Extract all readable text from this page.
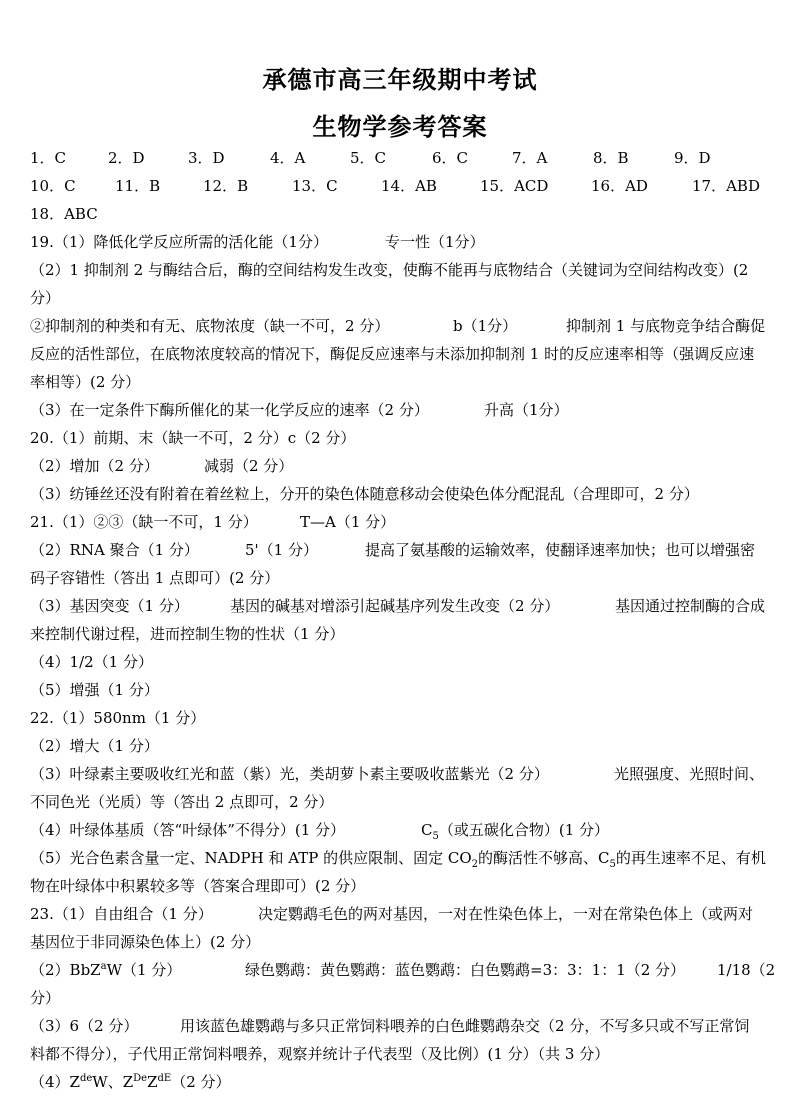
承德市高三年级期中考试
生物学参考答案
1．C	2．D	3．D	4．A	5．C	6．C	7．A	8．B	9．D
10．C	11．B	12．B	13．C	14．AB	15．ACD	16．AD	17．ABD
18．ABC
19.（1）降低化学反应所需的活化能（1分）	专一性（1分）
（2）1 抑制剂 2 与酶结合后，酶的空间结构发生改变，使酶不能再与底物结合（关键词为空间结构改变）(2
分）
②抑制剂的种类和有无、底物浓度（缺一不可，2 分）	b（1分）	抑制剂 1 与底物竞争结合酶促
反应的活性部位，在底物浓度较高的情况下，酶促反应速率与未添加抑制剂 1 时的反应速率相等（强调反应速
率相等）(2 分）
（3）在一定条件下酶所催化的某一化学反应的速率（2 分）	升高（1分）
20.（1）前期、末（缺一不可，2 分）c（2 分）
（2）增加（2 分）	减弱（2 分）
（3）纺锤丝还没有附着在着丝粒上，分开的染色体随意移动会使染色体分配混乱（合理即可，2 分）
21.（1）②③（缺一不可，1 分）	T—A（1 分）
（2）RNA 聚合（1 分）	5'（1 分）	提高了氨基酸的运输效率，使翻译速率加快；也可以增强密
码子容错性（答出 1 点即可）(2 分）
（3）基因突变（1 分）	基因的碱基对增添引起碱基序列发生改变（2 分）	基因通过控制酶的合成
来控制代谢过程，进而控制生物的性状（1 分）
（4）1/2（1 分）
（5）增强（1 分）
22.（1）580nm（1 分）
（2）增大（1 分）
（3）叶绿素主要吸收红光和蓝（紫）光，类胡萝卜素主要吸收蓝紫光（2 分）	光照强度、光照时间、
不同色光（光质）等（答出 2 点即可，2 分）
（4）叶绿体基质（答“叶绿体”不得分）(1 分）	$C_5$（或五碳化合物）(1 分）
（5）光合色素含量一定、NADPH 和 ATP 的供应限制、固定 $CO_2$的酶活性不够高、$C_5$的再生速率不足、有机
物在叶绿体中积累较多等（答案合理即可）(2 分）
23.（1）自由组合（1 分）	决定鹦鹉毛色的两对基因，一对在性染色体上，一对在常染色体上（或两对
基因位于非同源染色体上）(2 分）
（2）BbZ$^a$W（1 分）	绿色鹦鹉：黄色鹦鹉：蓝色鹦鹉：白色鹦鹉=3：3：1：1（2 分） 1/18（2
分）
（3）6（2 分）	用该蓝色雄鹦鹉与多只正常饲料喂养的白色雌鹦鹉杂交（2 分，不写多只或不写正常饲
料都不得分），子代用正常饲料喂养，观察并统计子代表型（及比例）(1 分）（共 3 分）
$(4)Z^{de}W$、$Z^{De}Z^{dE}(2$ 分）
